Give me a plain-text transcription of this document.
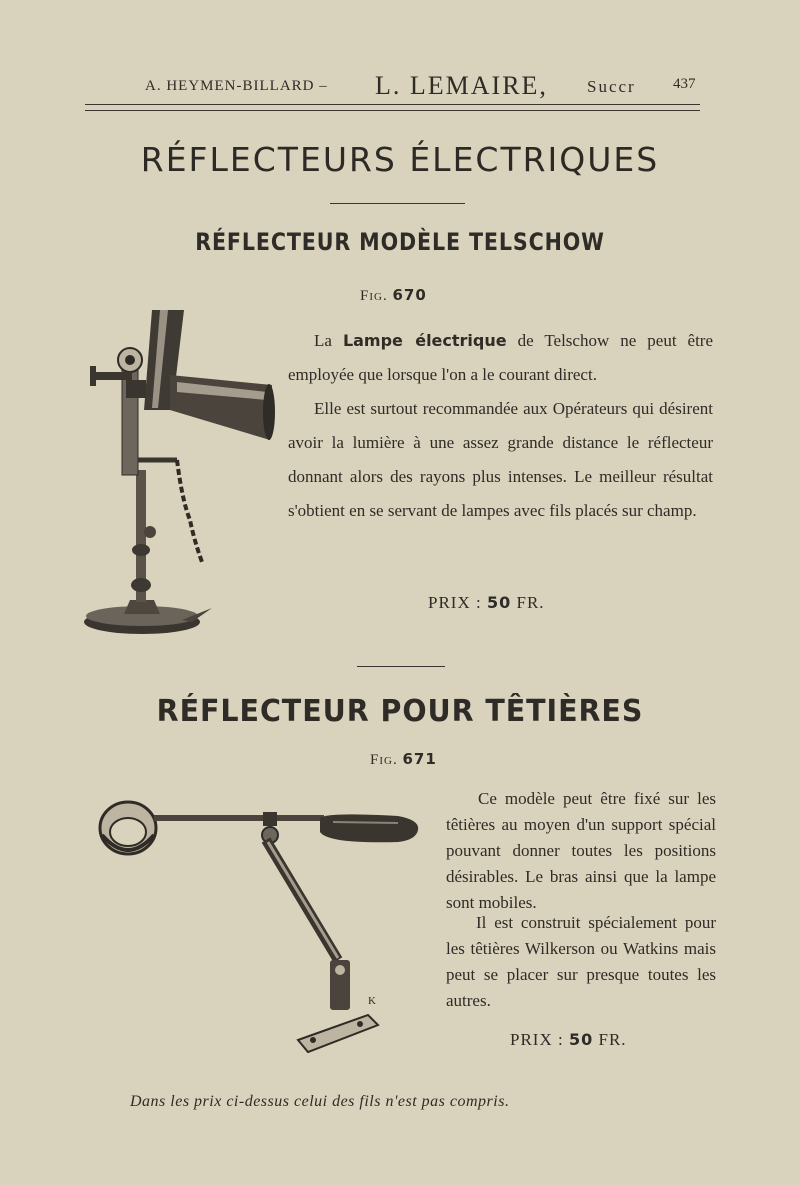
A. HEYMEN-BILLARD – L. LEMAIRE, Succr 437
RÉFLECTEURS ÉLECTRIQUES
RÉFLECTEUR MODÈLE TELSCHOW
Fig. 670

La Lampe électrique de Telschow ne peut être employée que lorsque l'on a le courant direct.

Elle est surtout recommandée aux Opérateurs qui désirent avoir la lumière à une assez grande distance le réflecteur donnant alors des rayons plus intenses. Le meilleur résultat s'obtient en se servant de lampes avec fils placés sur champ.

PRIX : 50 FR.
RÉFLECTEUR POUR TÊTIÈRES
Fig. 671
K

Ce modèle peut être fixé sur les têtières au moyen d'un support spécial pouvant donner toutes les positions désirables. Le bras ainsi que la lampe sont mobiles.

Il est construit spécialement pour les têtières Wilkerson ou Watkins mais peut se placer sur presque toutes les autres.

PRIX : 50 FR.
Dans les prix ci-dessus celui des fils n'est pas compris.
